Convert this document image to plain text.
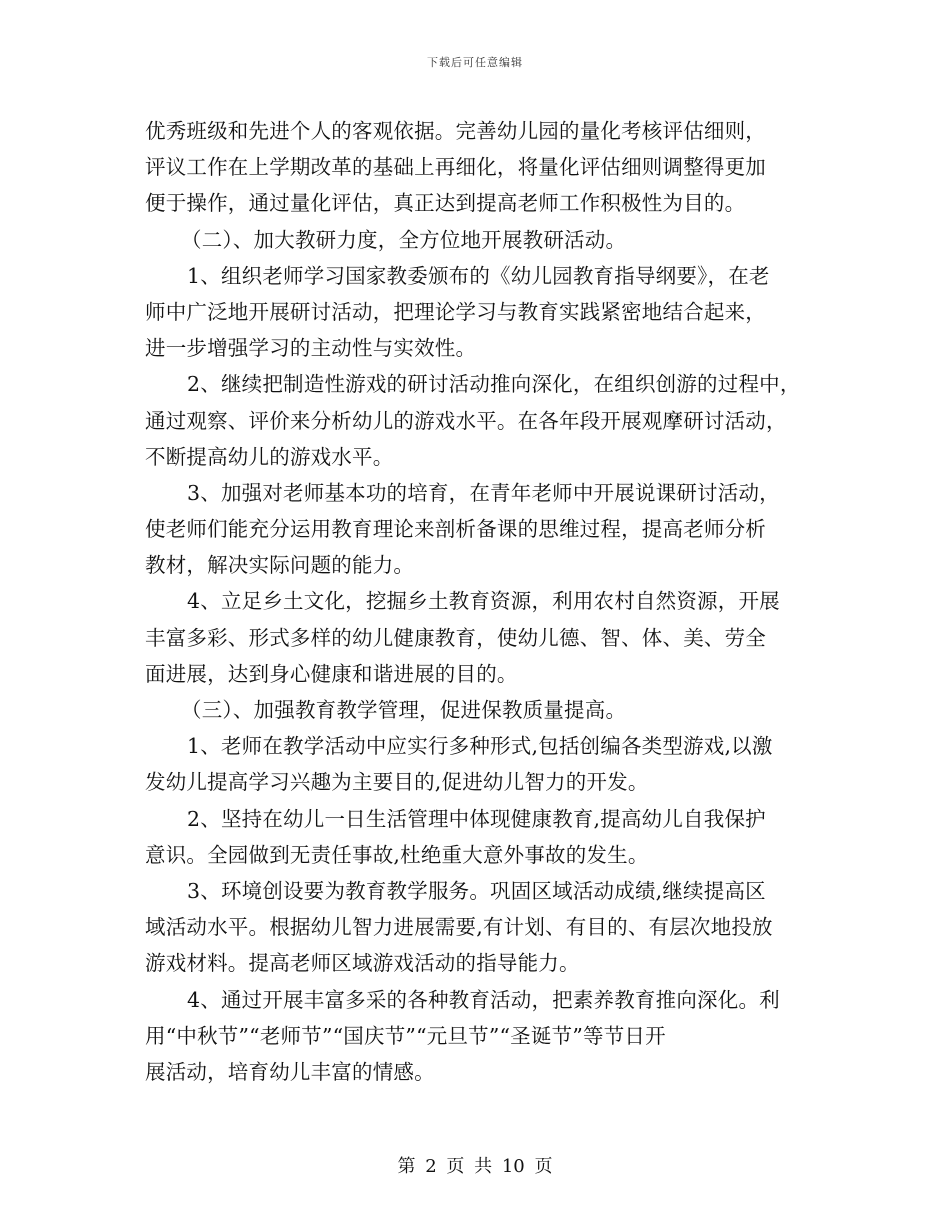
下载后可任意编辑
优秀班级和先进个人的客观依据。完善幼儿园的量化考核评估细则，
评议工作在上学期改革的基础上再细化，将量化评估细则调整得更加
便于操作，通过量化评估，真正达到提高老师工作积极性为目的。
（二）、加大教研力度，全方位地开展教研活动。
1、组织老师学习国家教委颁布的《幼儿园教育指导纲要》，在老
师中广泛地开展研讨活动，把理论学习与教育实践紧密地结合起来，
进一步增强学习的主动性与实效性。
2、继续把制造性游戏的研讨活动推向深化，在组织创游的过程中，
通过观察、评价来分析幼儿的游戏水平。在各年段开展观摩研讨活动，
不断提高幼儿的游戏水平。
3、加强对老师基本功的培育，在青年老师中开展说课研讨活动，
使老师们能充分运用教育理论来剖析备课的思维过程，提高老师分析
教材，解决实际问题的能力。
4、立足乡土文化，挖掘乡土教育资源，利用农村自然资源，开展
丰富多彩、形式多样的幼儿健康教育，使幼儿德、智、体、美、劳全
面进展，达到身心健康和谐进展的目的。
（三）、加强教育教学管理，促进保教质量提高。
1、老师在教学活动中应实行多种形式,包括创编各类型游戏,以激
发幼儿提高学习兴趣为主要目的,促进幼儿智力的开发。
2、坚持在幼儿一日生活管理中体现健康教育,提高幼儿自我保护
意识。全园做到无责任事故,杜绝重大意外事故的发生。
3、环境创设要为教育教学服务。巩固区域活动成绩,继续提高区
域活动水平。根据幼儿智力进展需要,有计划、有目的、有层次地投放
游戏材料。提高老师区域游戏活动的指导能力。
4、通过开展丰富多采的各种教育活动，把素养教育推向深化。利
用“中秋节”“老师节”“国庆节”“元旦节”“圣诞节”等节日开
展活动，培育幼儿丰富的情感。
第 2 页 共 10 页
